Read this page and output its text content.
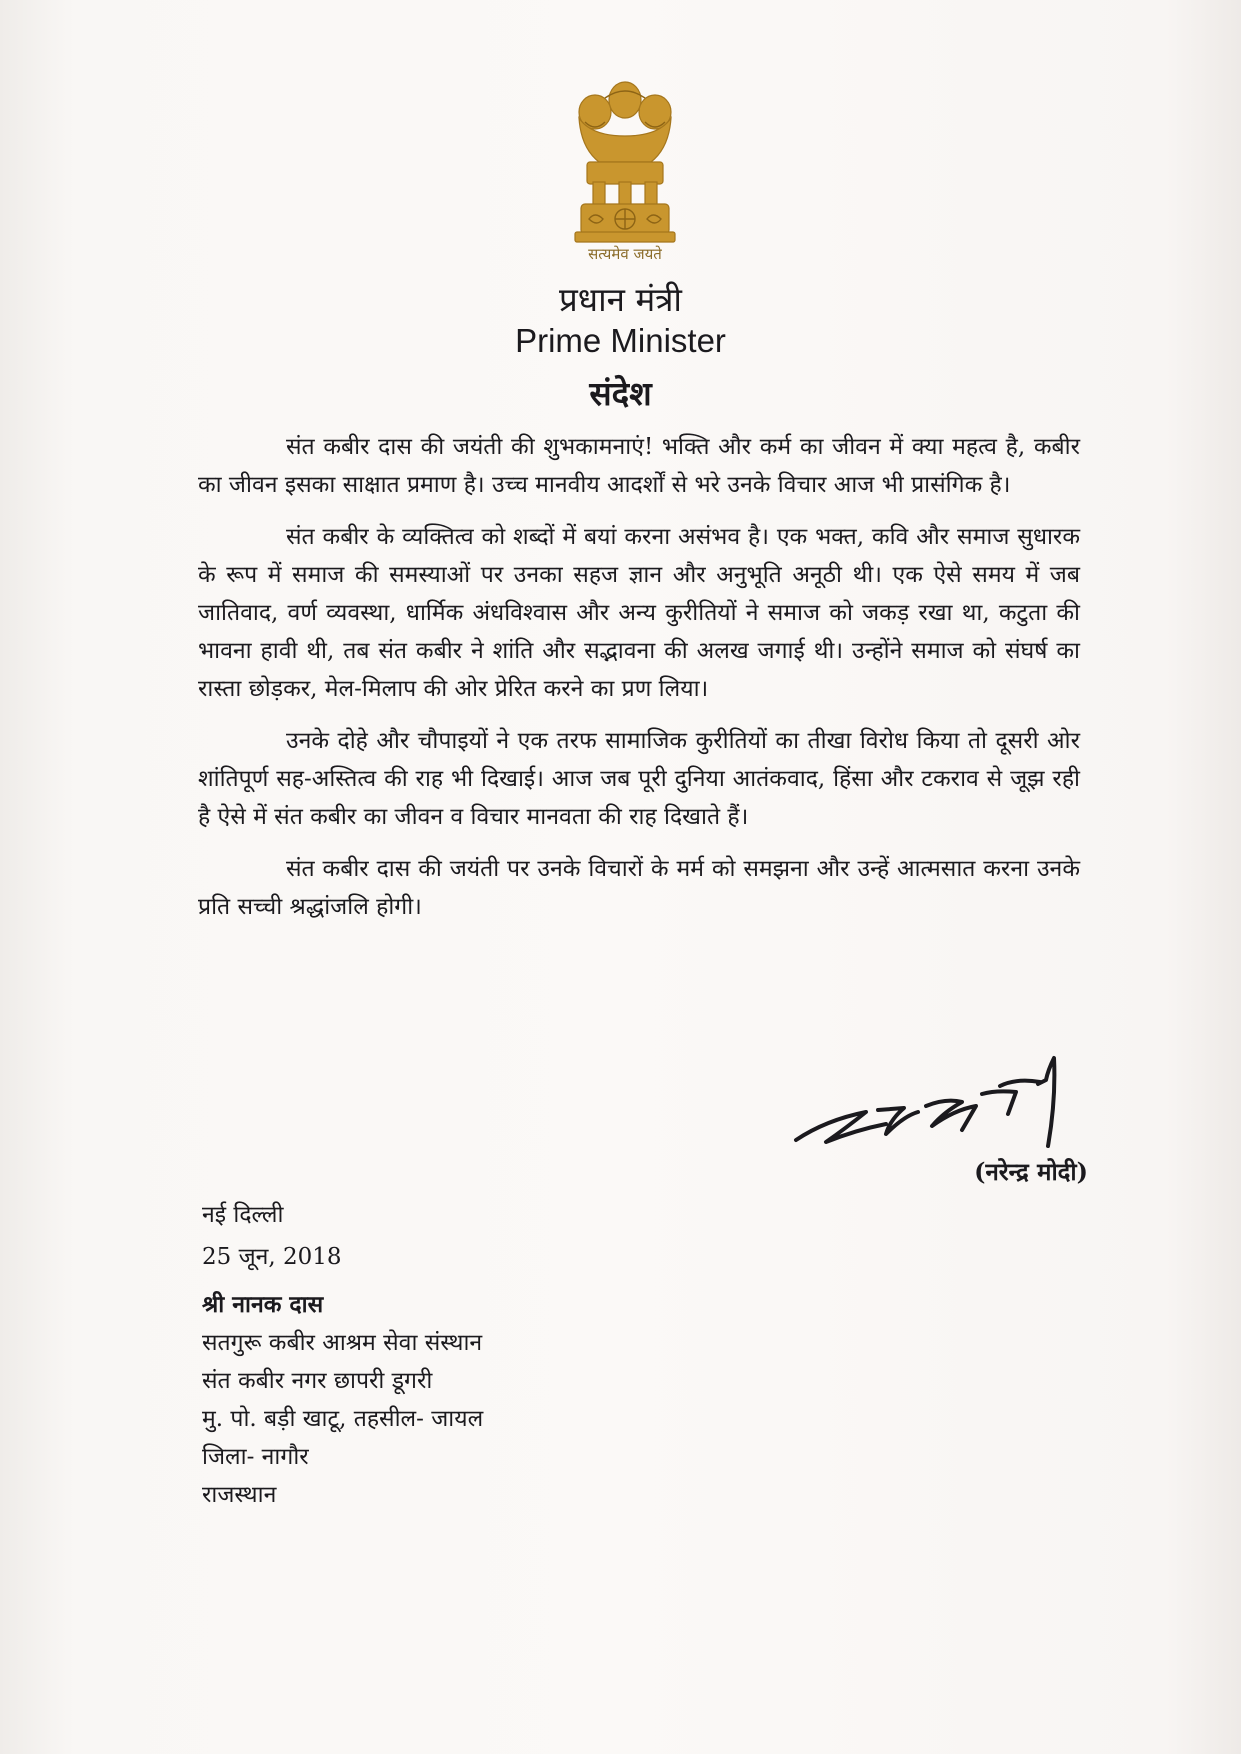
सत्यमेव जयते
प्रधान मंत्री
Prime Minister
संदेश

संत कबीर दास की जयंती की शुभकामनाएं! भक्ति और कर्म का जीवन में क्या महत्व है, कबीर का जीवन इसका साक्षात प्रमाण है। उच्च मानवीय आदर्शों से भरे उनके विचार आज भी प्रासंगिक है।

संत कबीर के व्यक्तित्व को शब्दों में बयां करना असंभव है। एक भक्त, कवि और समाज सुधारक के रूप में समाज की समस्याओं पर उनका सहज ज्ञान और अनुभूति अनूठी थी। एक ऐसे समय में जब जातिवाद, वर्ण व्यवस्था, धार्मिक अंधविश्वास और अन्य कुरीतियों ने समाज को जकड़ रखा था, कटुता की भावना हावी थी, तब संत कबीर ने शांति और सद्भावना की अलख जगाई थी। उन्होंने समाज को संघर्ष का रास्ता छोड़कर, मेल-मिलाप की ओर प्रेरित करने का प्रण लिया।

उनके दोहे और चौपाइयों ने एक तरफ सामाजिक कुरीतियों का तीखा विरोध किया तो दूसरी ओर शांतिपूर्ण सह-अस्तित्व की राह भी दिखाई। आज जब पूरी दुनिया आतंकवाद, हिंसा और टकराव से जूझ रही है ऐसे में संत कबीर का जीवन व विचार मानवता की राह दिखाते हैं।

संत कबीर दास की जयंती पर उनके विचारों के मर्म को समझना और उन्हें आत्मसात करना उनके प्रति सच्ची श्रद्धांजलि होगी।

(नरेन्द्र मोदी)
नई दिल्ली
25 जून, 2018
श्री नानक दास
सतगुरू कबीर आश्रम सेवा संस्थान
संत कबीर नगर छापरी डूगरी
मु. पो. बड़ी खाटू, तहसील- जायल
जिला- नागौर
राजस्थान
